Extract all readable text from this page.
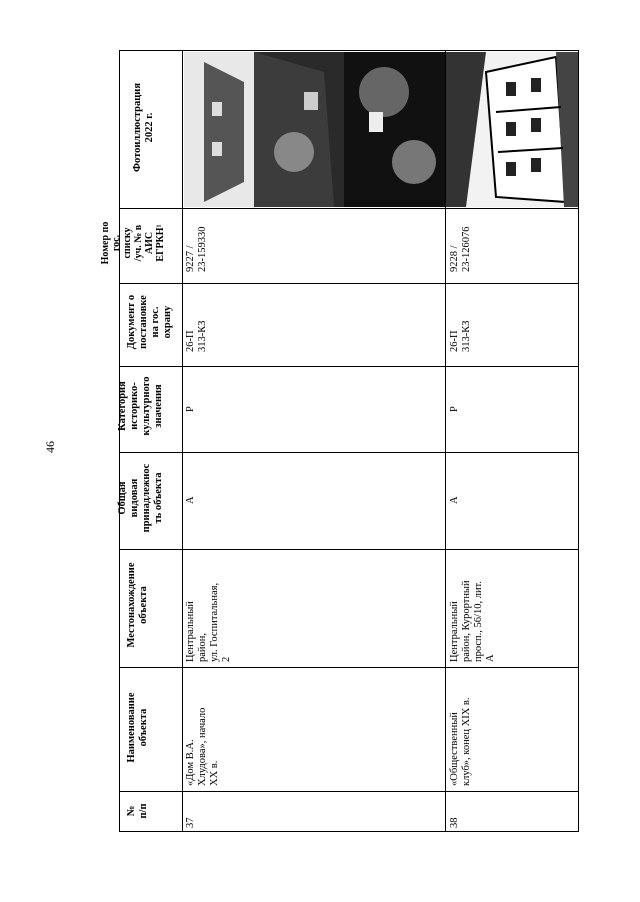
46
№
п/п
Наименование
объекта
Местонахождение
объекта
Общая
видовая
принадлежнос
ть объекта
Категория
историко-
культурного
значения
Документ о
постановке
на гос.
охрану
Номер по
гос.
списку
/уч. № в
АИС
ЕГРКН¹
Фотоиллюстрация
2022 г.
37
«Дом В.А.
Хлудова», начало
XX в.
Центральный
район,
ул. Госпитальная,
2
А
Р
26-П
313-КЗ
9227 /
23-159330
38
«Общественный
клуб», конец XIX в.
Центральный
район, Курортный
просп., 56/10, лит.
А
А
Р
26-П
313-КЗ
9228 /
23-126076
